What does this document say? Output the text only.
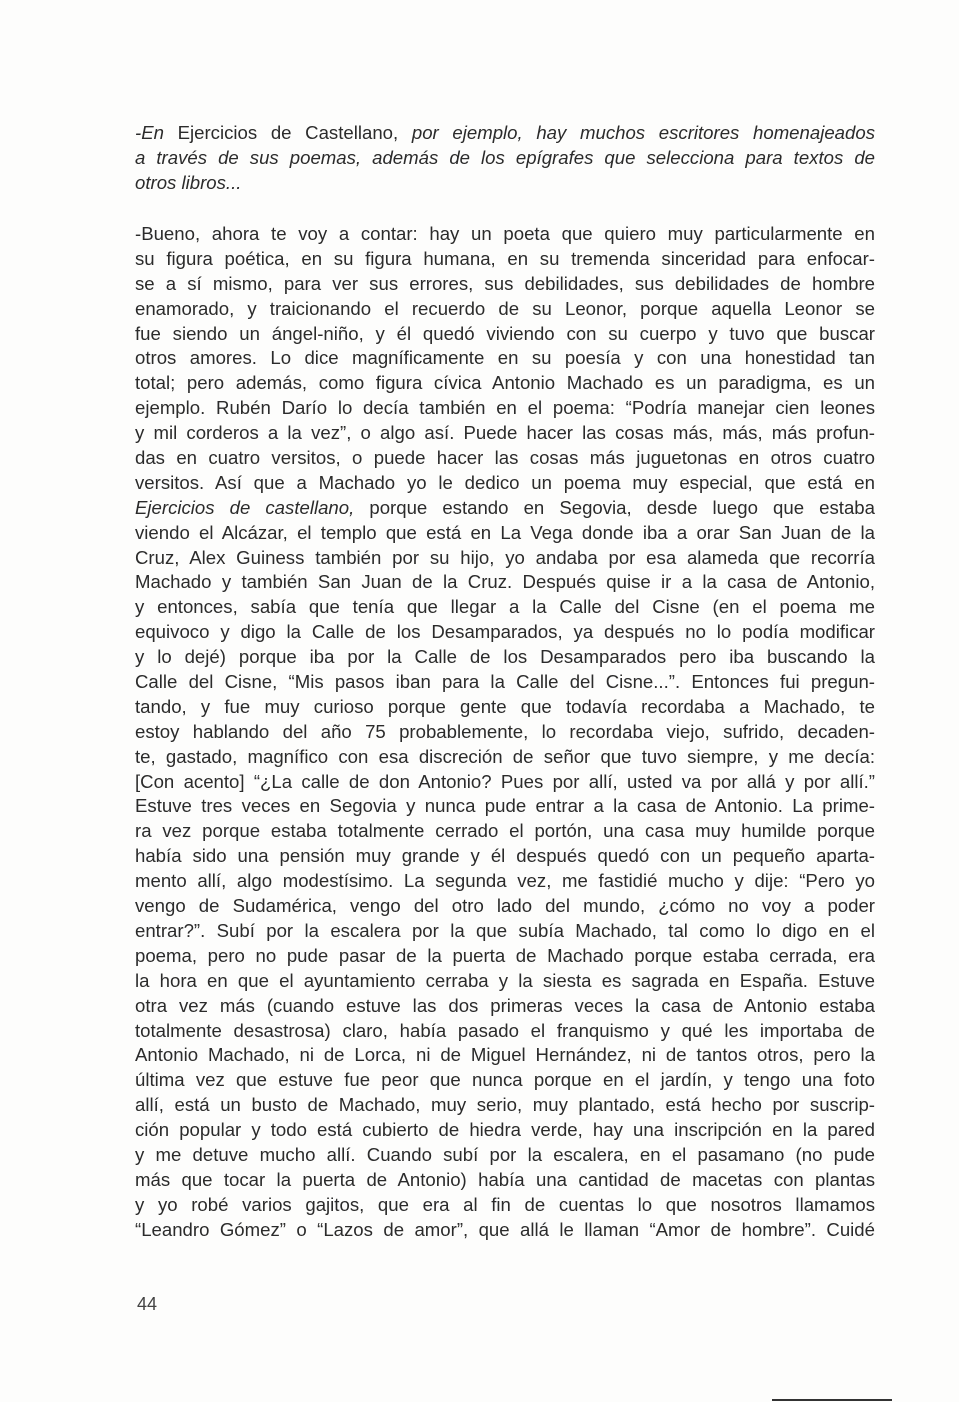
-En Ejercicios de Castellano, por ejemplo, hay muchos escritores homenajeados
a través de sus poemas, además de los epígrafes que selecciona para textos de
otros libros...
-Bueno, ahora te voy a contar: hay un poeta que quiero muy particularmente en
su figura poética, en su figura humana, en su tremenda sinceridad para enfocar-
se a sí mismo, para ver sus errores, sus debilidades, sus debilidades de hombre
enamorado, y traicionando el recuerdo de su Leonor, porque aquella Leonor se
fue siendo un ángel-niño, y él quedó viviendo con su cuerpo y tuvo que buscar
otros amores. Lo dice magníficamente en su poesía y con una honestidad tan
total; pero además, como figura cívica Antonio Machado es un paradigma, es un
ejemplo. Rubén Darío lo decía también en el poema: “Podría manejar cien leones
y mil corderos a la vez”, o algo así. Puede hacer las cosas más, más, más profun-
das en cuatro versitos, o puede hacer las cosas más juguetonas en otros cuatro
versitos. Así que a Machado yo le dedico un poema muy especial, que está en
Ejercicios de castellano, porque estando en Segovia, desde luego que estaba
viendo el Alcázar, el templo que está en La Vega donde iba a orar San Juan de la
Cruz, Alex Guiness también por su hijo, yo andaba por esa alameda que recorría
Machado y también San Juan de la Cruz. Después quise ir a la casa de Antonio,
y entonces, sabía que tenía que llegar a la Calle del Cisne (en el poema me
equivoco y digo la Calle de los Desamparados, ya después no lo podía modificar
y lo dejé) porque iba por la Calle de los Desamparados pero iba buscando la
Calle del Cisne, “Mis pasos iban para la Calle del Cisne...”. Entonces fui pregun-
tando, y fue muy curioso porque gente que todavía recordaba a Machado, te
estoy hablando del año 75 probablemente, lo recordaba viejo, sufrido, decaden-
te, gastado, magnífico con esa discreción de señor que tuvo siempre, y me decía:
[Con acento] “¿La calle de don Antonio? Pues por allí, usted va por allá y por allí.”
Estuve tres veces en Segovia y nunca pude entrar a la casa de Antonio. La prime-
ra vez porque estaba totalmente cerrado el portón, una casa muy humilde porque
había sido una pensión muy grande y él después quedó con un pequeño aparta-
mento allí, algo modestísimo. La segunda vez, me fastidié mucho y dije: “Pero yo
vengo de Sudamérica, vengo del otro lado del mundo, ¿cómo no voy a poder
entrar?”. Subí por la escalera por la que subía Machado, tal como lo digo en el
poema, pero no pude pasar de la puerta de Machado porque estaba cerrada, era
la hora en que el ayuntamiento cerraba y la siesta es sagrada en España. Estuve
otra vez más (cuando estuve las dos primeras veces la casa de Antonio estaba
totalmente desastrosa) claro, había pasado el franquismo y qué les importaba de
Antonio Machado, ni de Lorca, ni de Miguel Hernández, ni de tantos otros, pero la
última vez que estuve fue peor que nunca porque en el jardín, y tengo una foto
allí, está un busto de Machado, muy serio, muy plantado, está hecho por suscrip-
ción popular y todo está cubierto de hiedra verde, hay una inscripción en la pared
y me detuve mucho allí. Cuando subí por la escalera, en el pasamano (no pude
más que tocar la puerta de Antonio) había una cantidad de macetas con plantas
y yo robé varios gajitos, que era al fin de cuentas lo que nosotros llamamos
“Leandro Gómez” o “Lazos de amor”, que allá le llaman “Amor de hombre”. Cuidé
44
